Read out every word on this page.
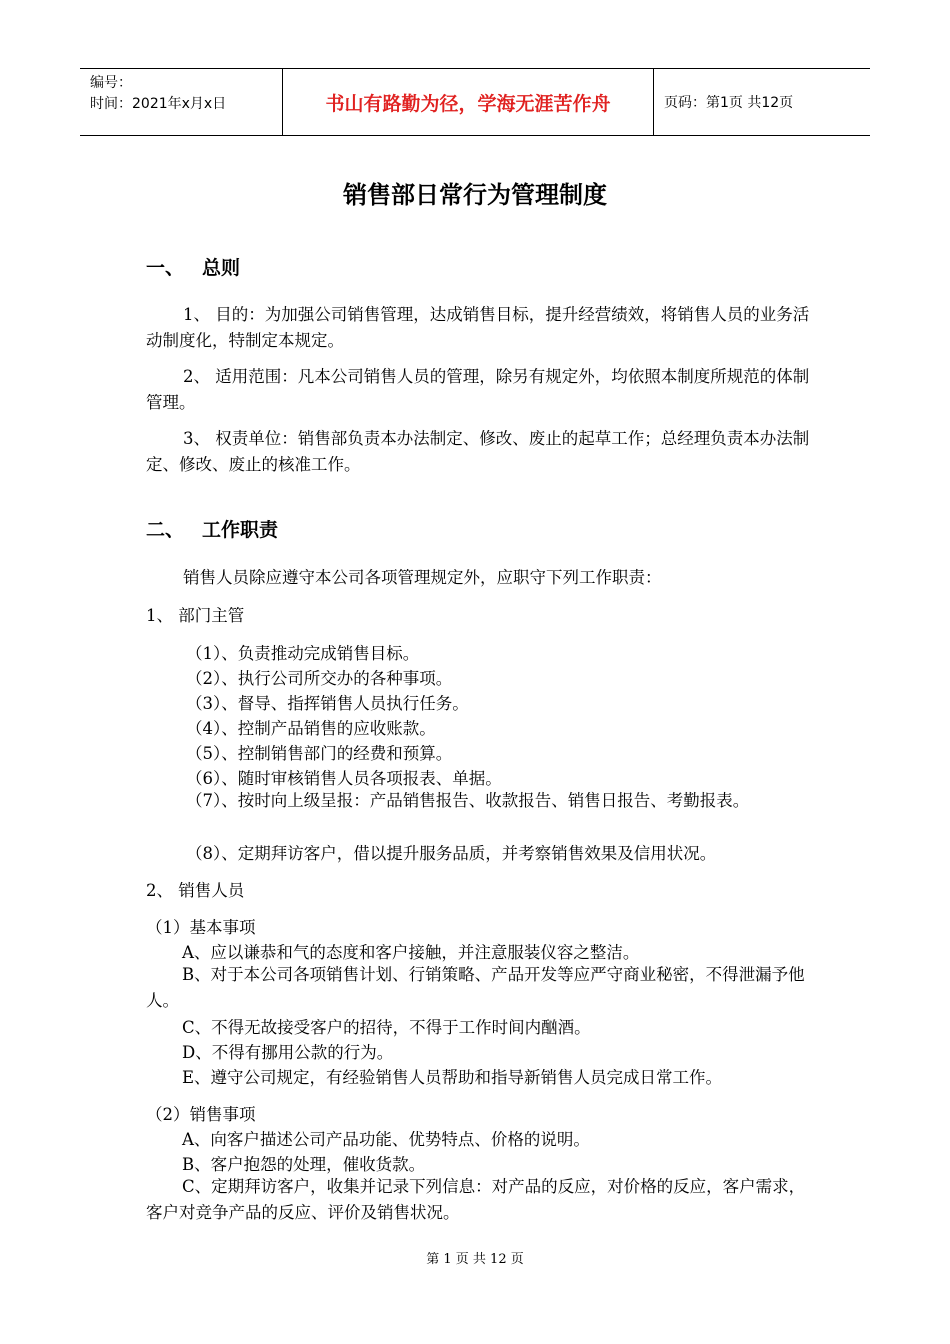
编号：
时间：2021年x月x日	书山有路勤为径，学海无涯苦作舟	页码：第1页 共12页
销售部日常行为管理制度
一、 总则

1、 目的：为加强公司销售管理，达成销售目标，提升经营绩效，将销售人员的业务活动制度化，特制定本规定。

2、 适用范围：凡本公司销售人员的管理，除另有规定外，均依照本制度所规范的体制管理。

3、 权责单位：销售部负责本办法制定、修改、废止的起草工作；总经理负责本办法制定、修改、废止的核准工作。

二、 工作职责

销售人员除应遵守本公司各项管理规定外，应职守下列工作职责：

1、 部门主管
（1）、负责推动完成销售目标。
（2）、执行公司所交办的各种事项。
（3）、督导、指挥销售人员执行任务。
（4）、控制产品销售的应收账款。
（5）、控制销售部门的经费和预算。
（6）、随时审核销售人员各项报表、单据。

（7）、按时向上级呈报：产品销售报告、收款报告、销售日报告、考勤报表。

（8）、定期拜访客户，借以提升服务品质，并考察销售效果及信用状况。
2、 销售人员
（1）基本事项
A、应以谦恭和气的态度和客户接触，并注意服装仪容之整洁。

B、对于本公司各项销售计划、行销策略、产品开发等应严守商业秘密，不得泄漏予他人。

C、不得无故接受客户的招待，不得于工作时间内酗酒。
D、不得有挪用公款的行为。
E、遵守公司规定，有经验销售人员帮助和指导新销售人员完成日常工作。
（2）销售事项
A、向客户描述公司产品功能、优势特点、价格的说明。
B、客户抱怨的处理，催收货款。

C、定期拜访客户，收集并记录下列信息：对产品的反应，对价格的反应，客户需求，客户对竞争产品的反应、评价及销售状况。

第 1 页 共 12 页
